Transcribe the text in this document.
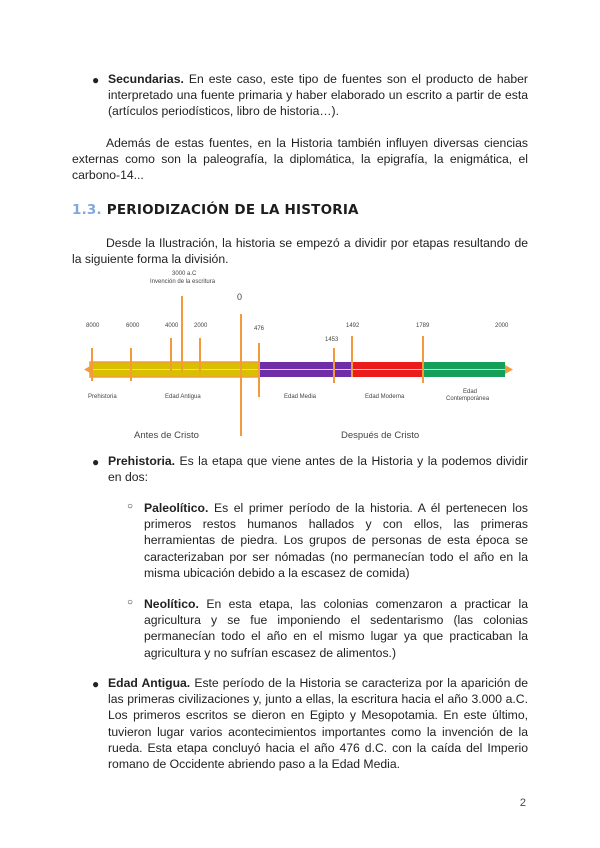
● Secundarias. En este caso, este tipo de fuentes son el producto de haber interpretado una fuente primaria y haber elaborado un escrito a partir de esta (artículos periodísticos, libro de historia…).
Además de estas fuentes, en la Historia también influyen diversas ciencias externas como son la paleografía, la diplomática, la epigrafía, la enigmática, el carbono-14...
1.3. PERIODIZACIÓN DE LA HISTORIA
Desde la Ilustración, la historia se empezó a dividir por etapas resultando de la siguiente forma la división.
8000	6000	4000	2000
3000 a.C
Invención de la escritura
0
476
1453
1492	1789	2000
Prehistoria	Edad Antigua	Edad Media	Edad Moderna
Edad
Contemporánea
Antes de Cristo	Después de Cristo
● Prehistoria. Es la etapa que viene antes de la Historia y la podemos dividir en dos:
○ Paleolítico. Es el primer período de la historia. A él pertenecen los primeros restos humanos hallados y con ellos, las primeras herramientas de piedra. Los grupos de personas de esta época se caracterizaban por ser nómadas (no permanecían todo el año en la misma ubicación debido a la escasez de comida)
○ Neolítico. En esta etapa, las colonias comenzaron a practicar la agricultura y se fue imponiendo el sedentarismo (las colonias permanecían todo el año en el mismo lugar ya que practicaban la agricultura y no sufrían escasez de alimentos.)
● Edad Antigua. Este período de la Historia se caracteriza por la aparición de las primeras civilizaciones y, junto a ellas, la escritura hacia el año 3.000 a.C. Los primeros escritos se dieron en Egipto y Mesopotamia. En este último, tuvieron lugar varios acontecimientos importantes como la invención de la rueda. Esta etapa concluyó hacia el año 476 d.C. con la caída del Imperio romano de Occidente abriendo paso a la Edad Media.
2
